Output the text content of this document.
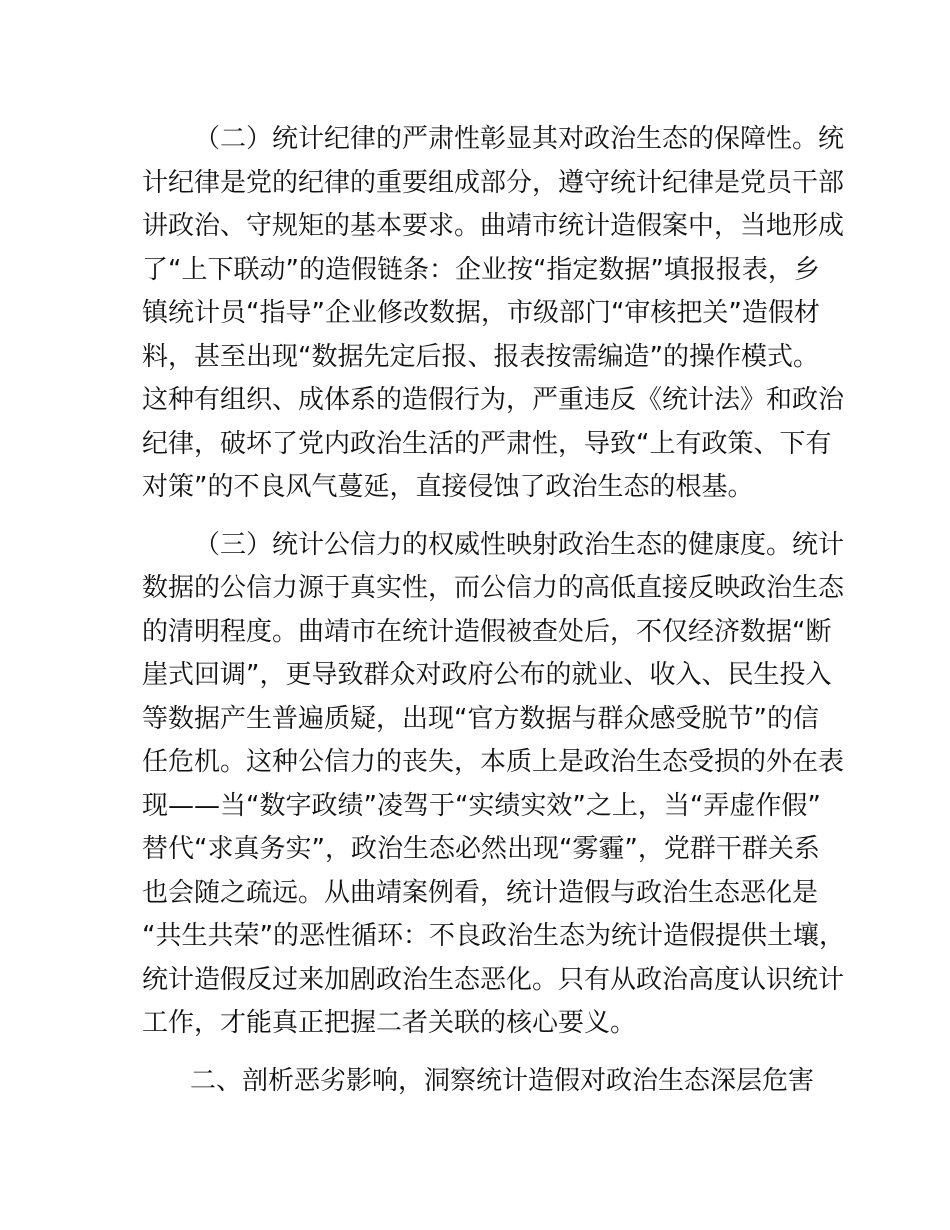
（二）统计纪律的严肃性彰显其对政治生态的保障性。统
计纪律是党的纪律的重要组成部分，遵守统计纪律是党员干部
讲政治、守规矩的基本要求。曲靖市统计造假案中，当地形成
了“上下联动”的造假链条：企业按“指定数据”填报报表，乡
镇统计员“指导”企业修改数据，市级部门“审核把关”造假材
料，甚至出现“数据先定后报、报表按需编造”的操作模式。
这种有组织、成体系的造假行为，严重违反《统计法》和政治
纪律，破坏了党内政治生活的严肃性，导致“上有政策、下有
对策”的不良风气蔓延，直接侵蚀了政治生态的根基。
（三）统计公信力的权威性映射政治生态的健康度。统计
数据的公信力源于真实性，而公信力的高低直接反映政治生态
的清明程度。曲靖市在统计造假被查处后，不仅经济数据“断
崖式回调”，更导致群众对政府公布的就业、收入、民生投入
等数据产生普遍质疑，出现“官方数据与群众感受脱节”的信
任危机。这种公信力的丧失，本质上是政治生态受损的外在表
现——当“数字政绩”凌驾于“实绩实效”之上，当“弄虚作假”
替代“求真务实”，政治生态必然出现“雾霾”，党群干群关系
也会随之疏远。从曲靖案例看，统计造假与政治生态恶化是
“共生共荣”的恶性循环：不良政治生态为统计造假提供土壤，
统计造假反过来加剧政治生态恶化。只有从政治高度认识统计
工作，才能真正把握二者关联的核心要义。
二、剖析恶劣影响，洞察统计造假对政治生态深层危害
